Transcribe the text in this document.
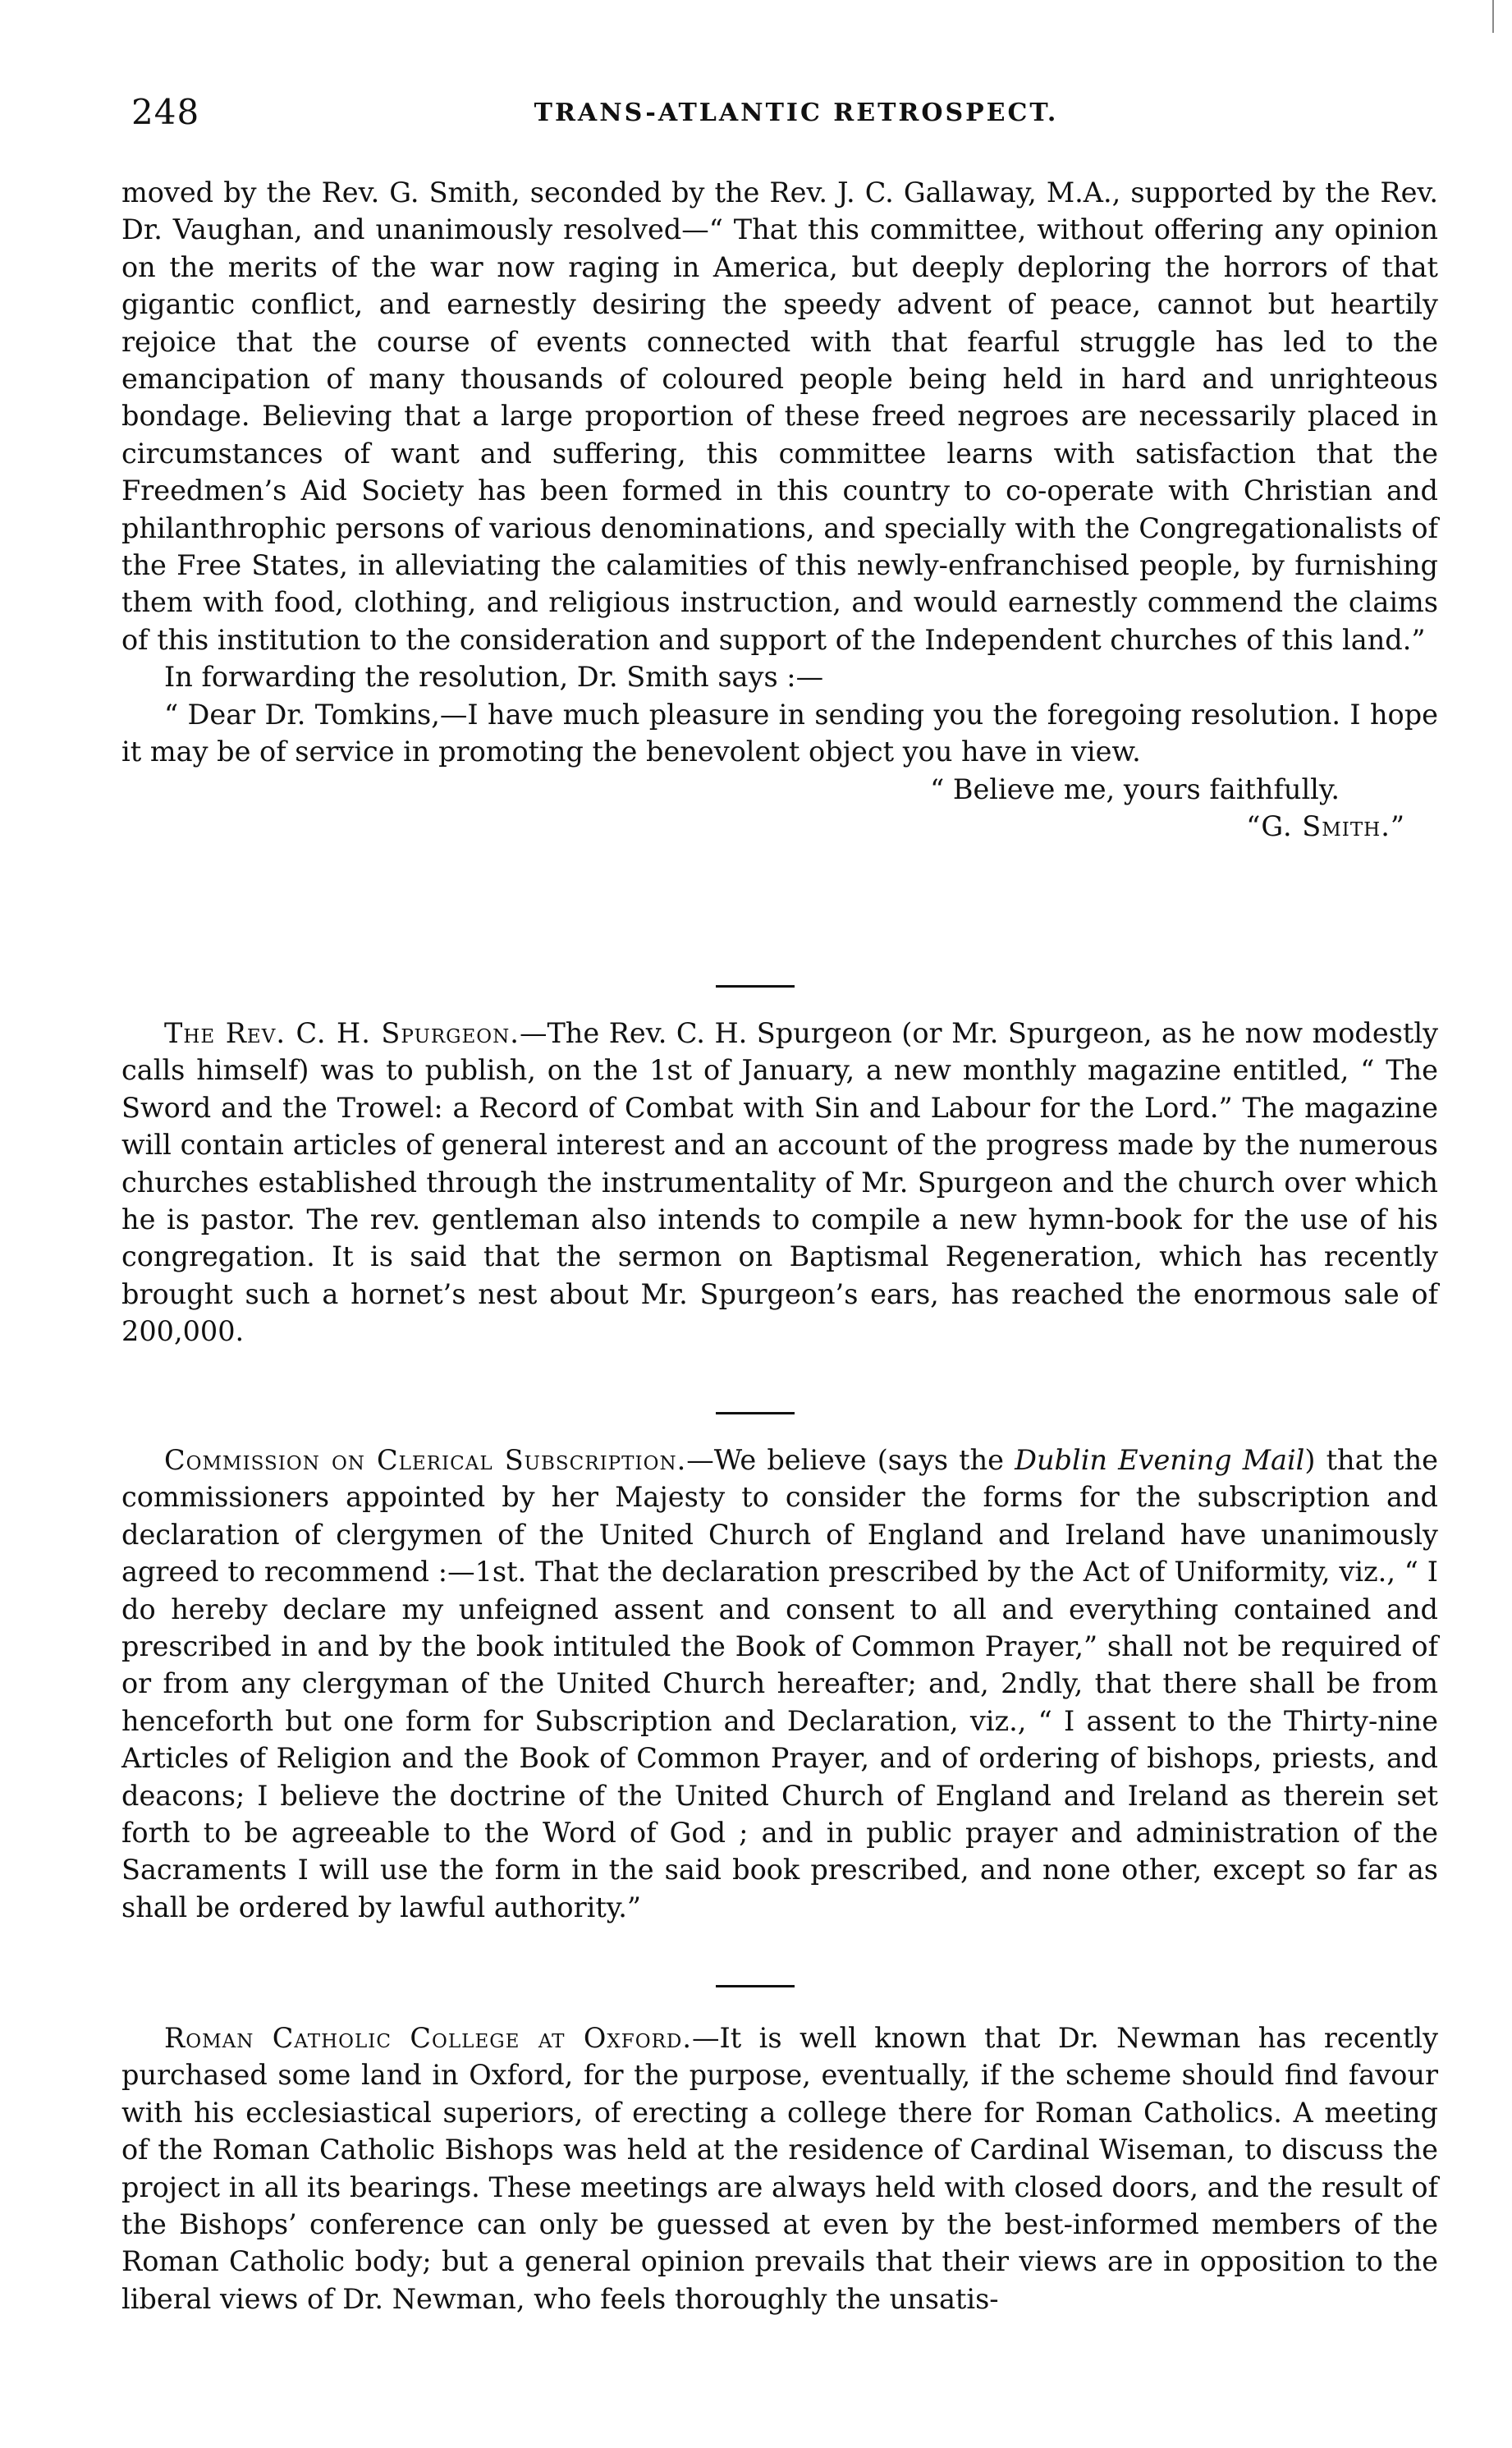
248	TRANS-ATLANTIC RETROSPECT.

moved by the Rev. G. Smith, seconded by the Rev. J. C. Gallaway, M.A., supported by the Rev. Dr. Vaughan, and unanimously resolved—“ That this committee, without offering any opinion on the merits of the war now raging in America, but deeply deploring the horrors of that gigantic conflict, and earnestly desiring the speedy advent of peace, cannot but heartily rejoice that the course of events connected with that fearful struggle has led to the emancipation of many thousands of coloured people being held in hard and unrighteous bondage. Believing that a large proportion of these freed negroes are necessarily placed in circumstances of want and suffering, this committee learns with satisfaction that the Freedmen’s Aid Society has been formed in this country to co-operate with Christian and philanthrophic persons of various denominations, and specially with the Congregationalists of the Free States, in alleviating the calamities of this newly-enfranchised people, by furnishing them with food, clothing, and religious instruction, and would earnestly commend the claims of this institution to the consideration and support of the Independent churches of this land.”

In forwarding the resolution, Dr. Smith says :—

“ Dear Dr. Tomkins,—I have much pleasure in sending you the foregoing resolution. I hope it may be of service in promoting the benevolent object you have in view.

“ Believe me, yours faithfully.

“G. Smith.”

The Rev. C. H. Spurgeon.—The Rev. C. H. Spurgeon (or Mr. Spurgeon, as he now modestly calls himself) was to publish, on the 1st of January, a new monthly magazine entitled, “ The Sword and the Trowel: a Record of Combat with Sin and Labour for the Lord.” The magazine will contain articles of general interest and an account of the progress made by the numerous churches established through the instrumentality of Mr. Spurgeon and the church over which he is pastor. The rev. gentleman also intends to compile a new hymn-book for the use of his congregation. It is said that the sermon on Baptismal Regeneration, which has recently brought such a hornet’s nest about Mr. Spurgeon’s ears, has reached the enormous sale of 200,000.

Commission on Clerical Subscription.—We believe (says the Dublin Evening Mail) that the commissioners appointed by her Majesty to consider the forms for the subscription and declaration of clergymen of the United Church of England and Ireland have unanimously agreed to recommend :—1st. That the declaration prescribed by the Act of Uniformity, viz., “ I do hereby declare my unfeigned assent and consent to all and everything contained and prescribed in and by the book intituled the Book of Common Prayer,” shall not be required of or from any clergyman of the United Church hereafter; and, 2ndly, that there shall be from henceforth but one form for Subscription and Declaration, viz., “ I assent to the Thirty-nine Articles of Religion and the Book of Common Prayer, and of ordering of bishops, priests, and deacons; I believe the doctrine of the United Church of England and Ireland as therein set forth to be agreeable to the Word of God ; and in public prayer and administration of the Sacraments I will use the form in the said book prescribed, and none other, except so far as shall be ordered by lawful authority.”

Roman Catholic College at Oxford.—It is well known that Dr. Newman has recently purchased some land in Oxford, for the purpose, eventually, if the scheme should find favour with his ecclesiastical superiors, of erecting a college there for Roman Catholics. A meeting of the Roman Catholic Bishops was held at the residence of Cardinal Wiseman, to discuss the project in all its bearings. These meetings are always held with closed doors, and the result of the Bishops’ conference can only be guessed at even by the best-informed members of the Roman Catholic body; but a general opinion prevails that their views are in opposition to the liberal views of Dr. Newman, who feels thoroughly the unsatis-
